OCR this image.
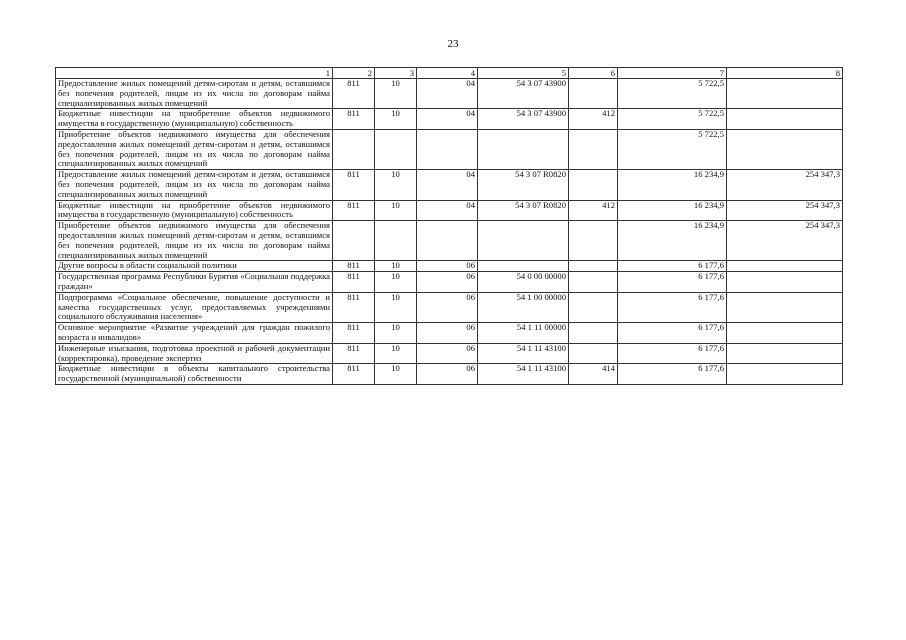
23
1	2	3	4	5	6	7	8
Предоставление жилых помещений детям-сиротам и детям, оставшимся без попечения родителей, лицам из их числа по договорам найма специализированных жилых помещений	811	10	04	54 3 07 43900		5 722,5	
Бюджетные инвестиции на приобретение объектов недвижимого имущества в государственную (муниципальную) собственность	811	10	04	54 3 07 43900	412	5 722,5	
Приобретение объектов недвижимого имущества для обеспечения предоставления жилых помещений детям-сиротам и детям, оставшимся без попечения родителей, лицам из их числа по договорам найма специализированных жилых помещений						5 722,5	
Предоставление жилых помещений детям-сиротам и детям, оставшимся без попечения родителей, лицам из их числа по договорам найма специализированных жилых помещений	811	10	04	54 3 07 R0820		16 234,9	254 347,3
Бюджетные инвестиции на приобретение объектов недвижимого имущества в государственную (муниципальную) собственность	811	10	04	54 3 07 R0820	412	16 234,9	254 347,3
Приобретение объектов недвижимого имущества для обеспечения предоставления жилых помещений детям-сиротам и детям, оставшимся без попечения родителей, лицам из их числа по договорам найма специализированных жилых помещений						16 234,9	254 347,3
Другие вопросы в области социальной политики	811	10	06			6 177,6	
Государственная программа Республики Бурятия «Социальная поддержка граждан»	811	10	06	54 0 00 00000		6 177,6	
Подпрограмма «Социальное обеспечение, повышение доступности и качества государственных услуг, предоставляемых учреждениями социального обслуживания населения»	811	10	06	54 1 00 00000		6 177,6	
Основное мероприятие «Развитие учреждений для граждан пожилого возраста и инвалидов»	811	10	06	54 1 11 00000		6 177,6	
Инженерные изыскания, подготовка проектной и рабочей документации (корректировка), проведение экспертиз	811	10	06	54 1 11 43100		6 177,6	
Бюджетные инвестиции в объекты капитального строительства государственной (муниципальной) собственности	811	10	06	54 1 11 43100	414	6 177,6	
